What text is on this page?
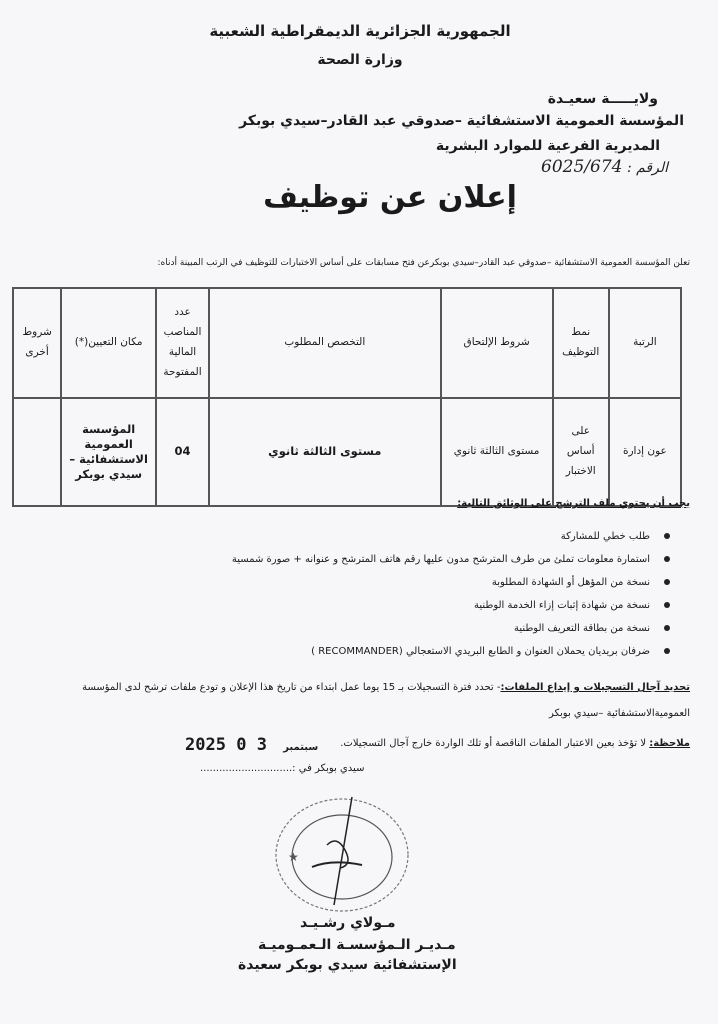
الجمهورية الجزائرية الديمقراطية الشعبية
وزارة الصحة
ولايـــــة سعيـدة
المؤسسة العمومية الاستشفائية –صدوقي عبد القادر–سيدي بوبكر
المديرية الفرعية للموارد البشرية
الرقم : 6025/674
إعلان عن توظيف
تعلن المؤسسة العمومية الاستشفائية –صدوقي عبد القادر–سيدي بوبكرعن فتح مسابقات على أساس الاختبارات للتوظيف في الرتب المبينة أدناه:
الرتبة	نمط التوظيف	شروط الإلتحاق	التخصص المطلوب	عدد المناصب المالية المفتوحة	مكان التعيين(*)	شروط أخرى
عون إدارة	على أساس الاختبار	مستوى الثالثة ثانوي	مستوى الثالثة ثانوي	04	المؤسسة العمومية الاستشفائية –سيدي بوبكر	
يجب أن يحتوي ملف الترشح على الوثائق التالية:
طلب خطي للمشاركة
استمارة معلومات تملئ من طرف المترشح مدون عليها رقم هاتف المترشح و عنوانه + صورة شمسية
نسخة من المؤهل أو الشهادة المطلوبة
نسخة من شهادة إثبات إزاء الخدمة الوطنية
نسخة من بطاقة التعريف الوطنية
ضرفان بريديان يحملان العنوان و الطابع البريدي الاستعجالي (RECOMMANDER )
تحديد آجال التسجيلات و إيداع الملفات:- تحدد فترة التسجيلات بـ 15 يوما عمل ابتداء من تاريخ هذا الإعلان و تودع ملفات ترشح لدى المؤسسة العموميةالاستشفائية –سيدي بوبكر
ملاحظة: لا تؤخذ بعين الاعتبار الملفات الناقصة أو تلك الواردة خارج آجال التسجيلات.
2025	سبتمبر 3 0
سيدي بوبكر في :.............................
★
مـولاي رشـيـد
مـديـر الـمؤسسـة الـعمـوميـة
الإستشفائية سيدي بوبكر سعيدة
